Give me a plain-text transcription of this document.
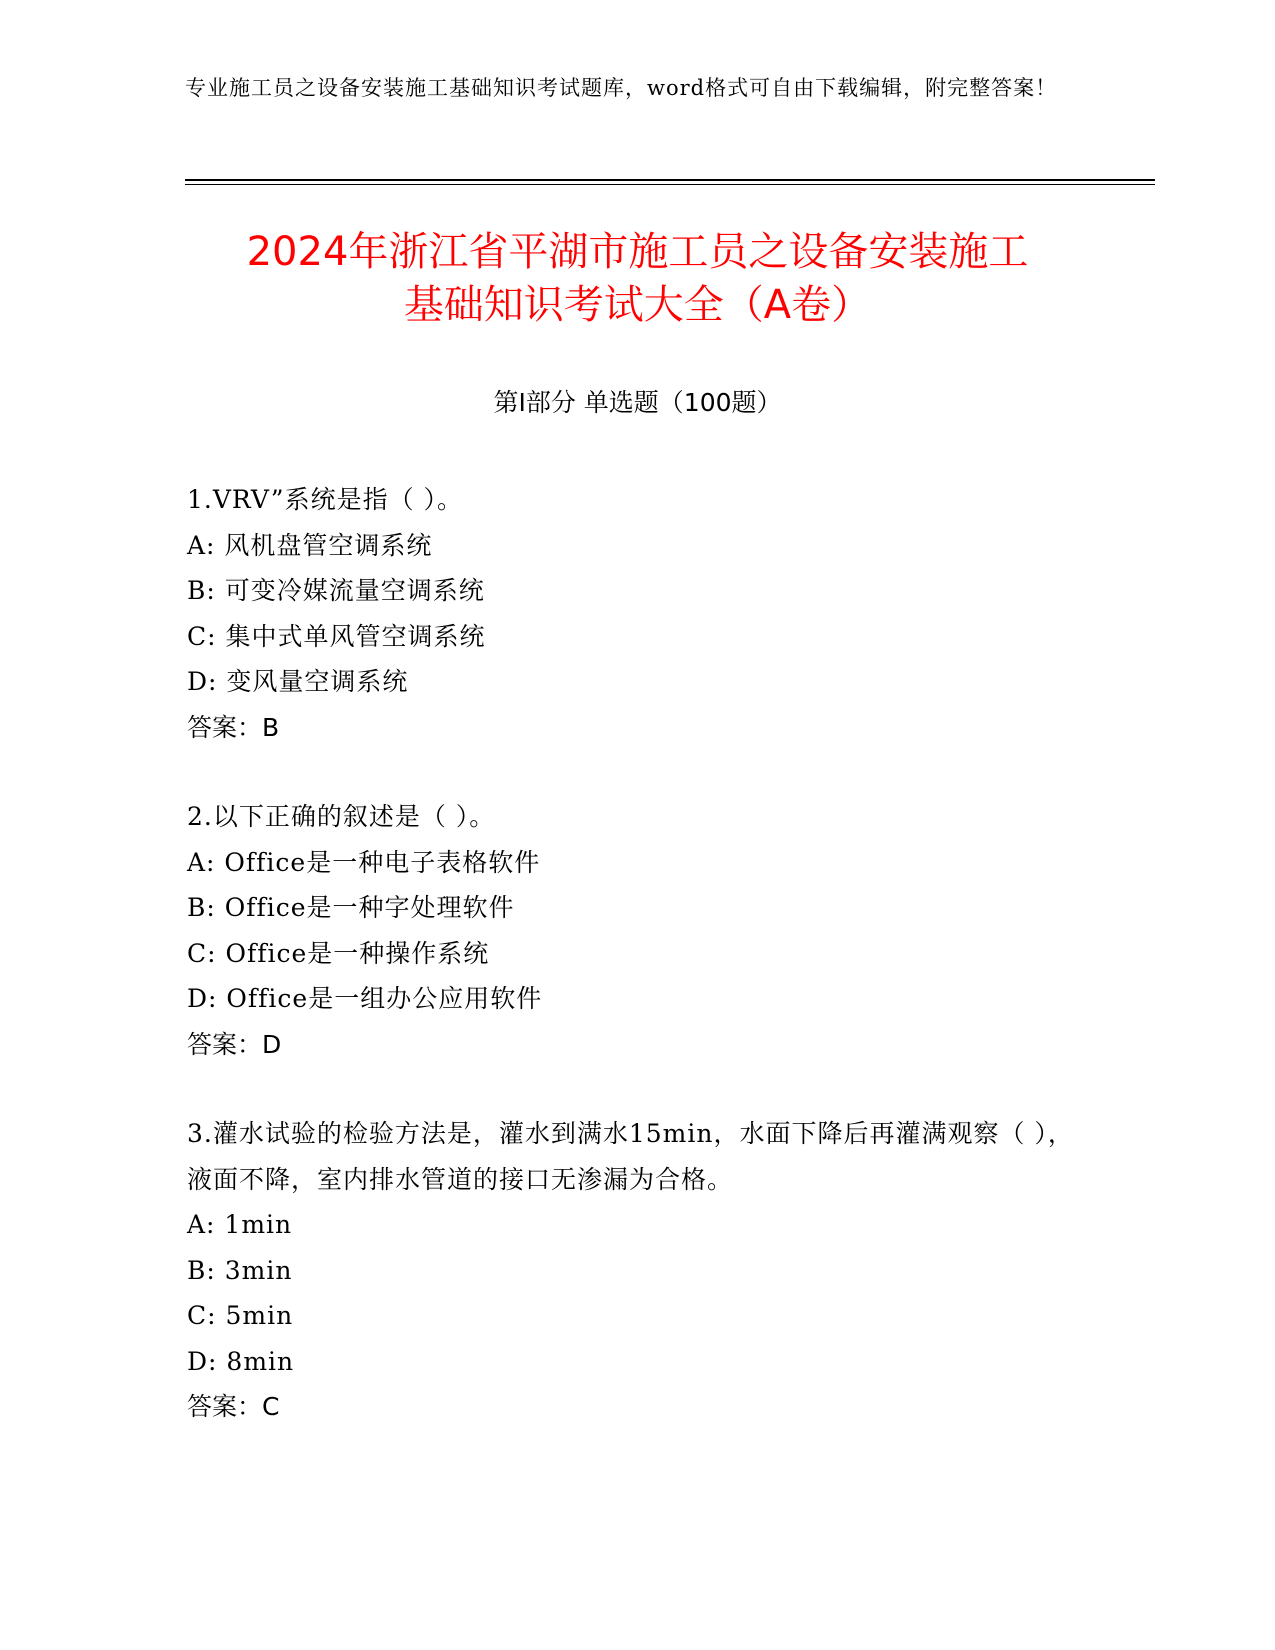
专业施工员之设备安装施工基础知识考试题库，word格式可自由下载编辑，附完整答案！
2024年浙江省平湖市施工员之设备安装施工
基础知识考试大全（A卷）
第I部分 单选题（100题）
1.VRV”系统是指（ ）。
A: 风机盘管空调系统
B: 可变冷媒流量空调系统
C: 集中式单风管空调系统
D: 变风量空调系统
答案：B
2.以下正确的叙述是（ ）。
A: Office是一种电子表格软件
B: Office是一种字处理软件
C: Office是一种操作系统
D: Office是一组办公应用软件
答案：D
3.灌水试验的检验方法是，灌水到满水15min，水面下降后再灌满观察（ ），液面不降，室内排水管道的接口无渗漏为合格。
A: 1min
B: 3min
C: 5min
D: 8min
答案：C
